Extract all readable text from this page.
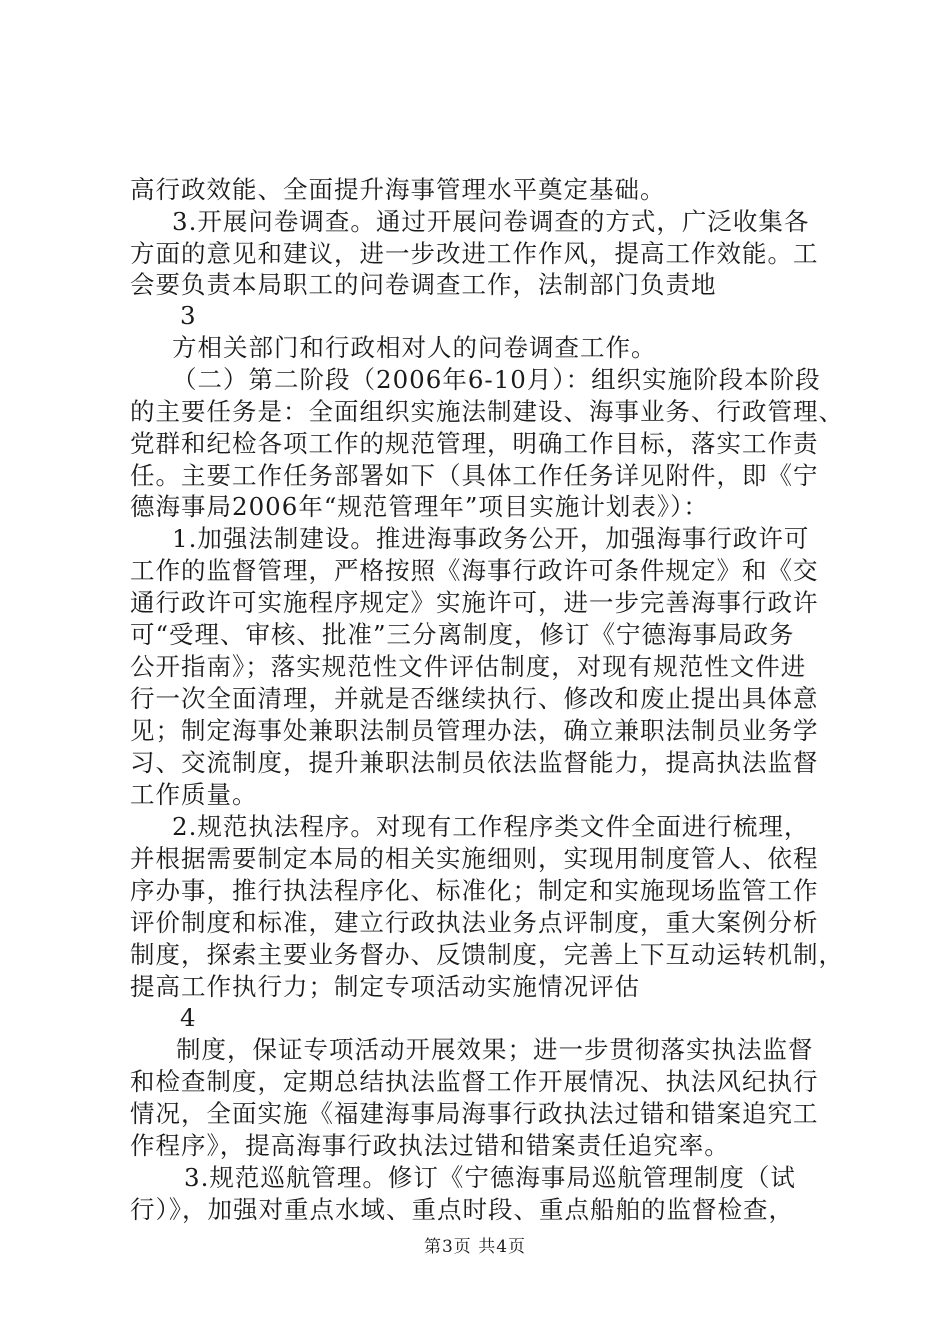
高行政效能、全面提升海事管理水平奠定基础。
3.开展问卷调查。通过开展问卷调查的方式，广泛收集各
方面的意见和建议，进一步改进工作作风，提高工作效能。工
会要负责本局职工的问卷调查工作，法制部门负责地
3
方相关部门和行政相对人的问卷调查工作。
（二）第二阶段（2006年6-10月）：组织实施阶段本阶段
的主要任务是：全面组织实施法制建设、海事业务、行政管理、
党群和纪检各项工作的规范管理，明确工作目标，落实工作责
任。主要工作任务部署如下（具体工作任务详见附件，即《宁
德海事局2006年“规范管理年”项目实施计划表》）：
1.加强法制建设。推进海事政务公开，加强海事行政许可
工作的监督管理，严格按照《海事行政许可条件规定》和《交
通行政许可实施程序规定》实施许可，进一步完善海事行政许
可“受理、审核、批准”三分离制度，修订《宁德海事局政务
公开指南》；落实规范性文件评估制度，对现有规范性文件进
行一次全面清理，并就是否继续执行、修改和废止提出具体意
见；制定海事处兼职法制员管理办法，确立兼职法制员业务学
习、交流制度，提升兼职法制员依法监督能力，提高执法监督
工作质量。
2.规范执法程序。对现有工作程序类文件全面进行梳理，
并根据需要制定本局的相关实施细则，实现用制度管人、依程
序办事，推行执法程序化、标准化；制定和实施现场监管工作
评价制度和标准，建立行政执法业务点评制度，重大案例分析
制度，探索主要业务督办、反馈制度，完善上下互动运转机制，
提高工作执行力；制定专项活动实施情况评估
4
制度，保证专项活动开展效果；进一步贯彻落实执法监督
和检查制度，定期总结执法监督工作开展情况、执法风纪执行
情况，全面实施《福建海事局海事行政执法过错和错案追究工
作程序》，提高海事行政执法过错和错案责任追究率。
3.规范巡航管理。修订《宁德海事局巡航管理制度（试
行）》，加强对重点水域、重点时段、重点船舶的监督检查，
第3页 共4页
